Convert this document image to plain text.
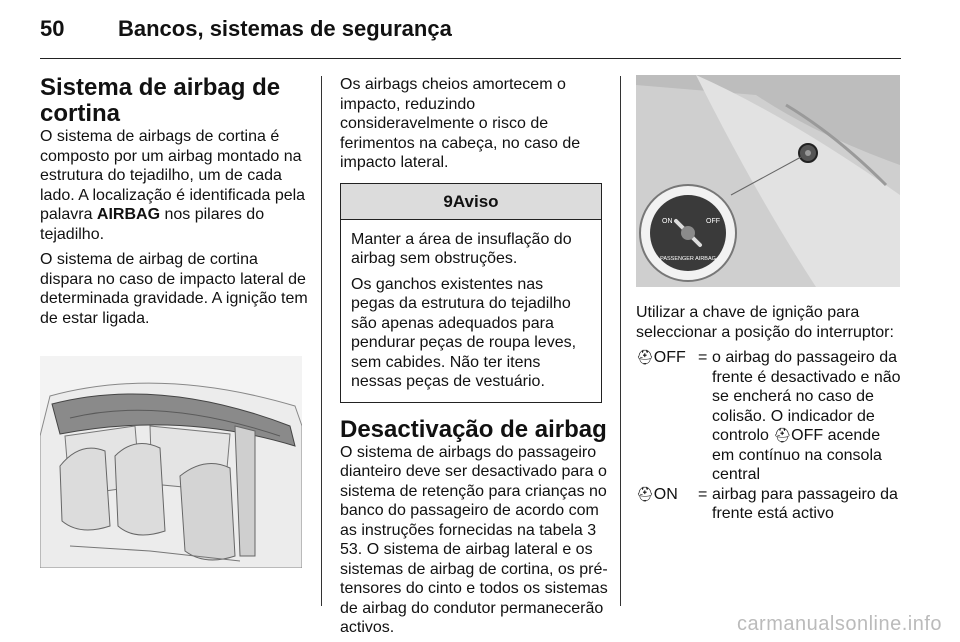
50 Bancos, sistemas de segurança
Sistema de airbag de cortina

O sistema de airbags de cortina é composto por um airbag montado na estrutura do tejadilho, um de cada lado. A localização é identificada pela palavra AIRBAG nos pilares do tejadilho.

O sistema de airbag de cortina dispara no caso de impacto lateral de determinada gravidade. A ignição tem de estar ligada.

Os airbags cheios amortecem o impacto, reduzindo consideravelmente o risco de ferimentos na cabeça, no caso de impacto lateral.

9Aviso

Manter a área de insuflação do airbag sem obstruções.

Os ganchos existentes nas pegas da estrutura do tejadilho são apenas adequados para pendurar peças de roupa leves, sem cabides. Não ter itens nessas peças de vestuário.

Desactivação de airbag

O sistema de airbags do passageiro dianteiro deve ser desactivado para o sistema de retenção para crianças no banco do passageiro de acordo com as instruções fornecidas na tabela 3 53. O sistema de airbag lateral e os sistemas de airbag de cortina, os pré-tensores do cinto e todos os sistemas de airbag do condutor permanecerão activos.

ON	OFF
PASSENGER AIRBAG

Utilizar a chave de ignição para seleccionar a posição do interruptor:

⛑OFF = o airbag do passageiro da frente é desactivado e não se encherá no caso de colisão. O indicador de controlo ⛑OFF acende em contínuo na consola central
⛑ON	= airbag para passageiro da frente está activo
carmanualsonline.info
